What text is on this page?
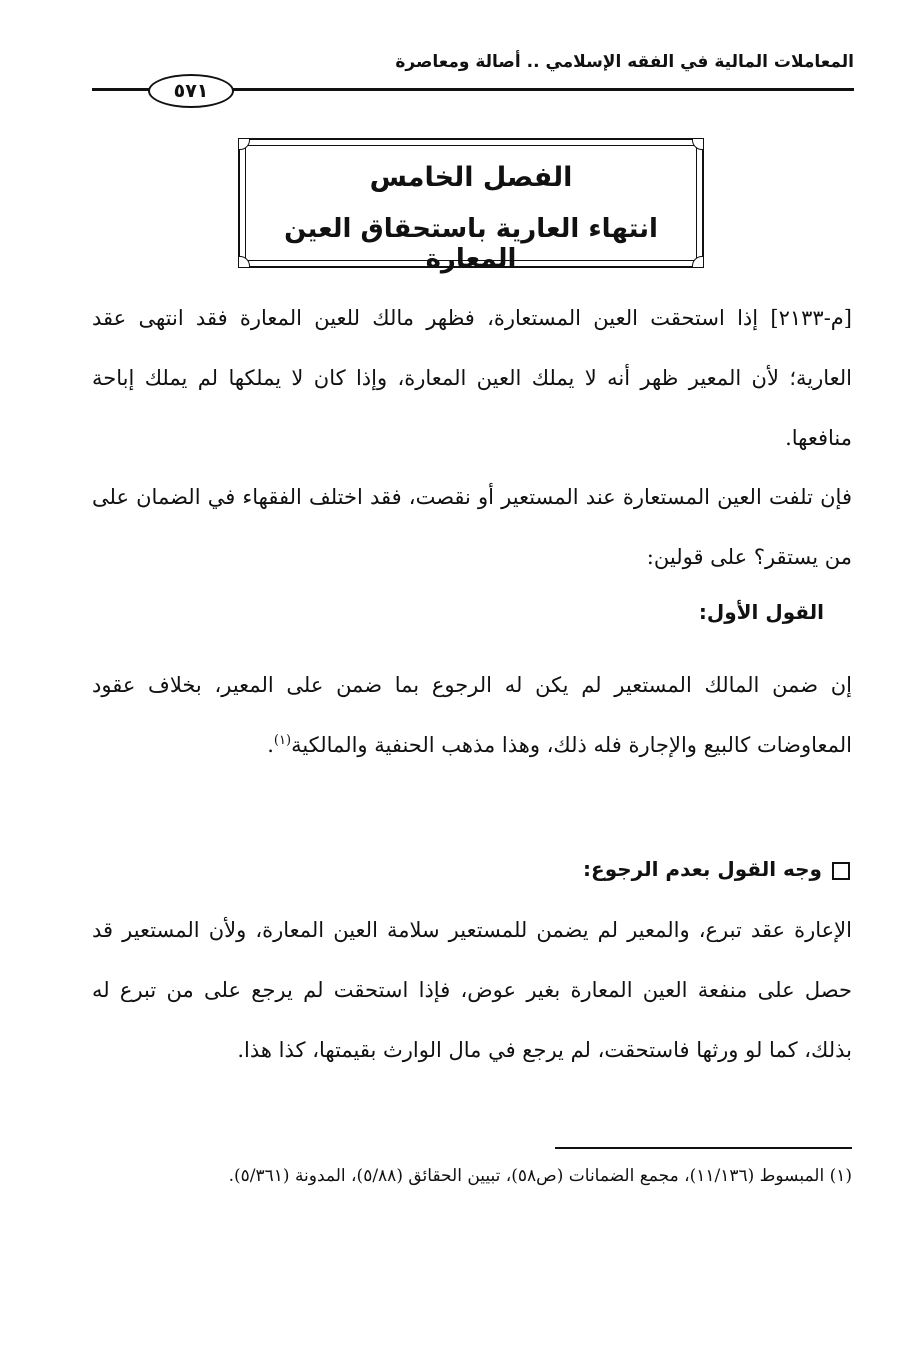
المعاملات المالية في الفقه الإسلامي .. أصالة ومعاصرة
٥٧١
الفصل الخامس
انتهاء العارية باستحقاق العين المعارة
[م-٢١٣٣] إذا استحقت العين المستعارة، فظهر مالك للعين المعارة فقد انتهى عقد العارية؛ لأن المعير ظهر أنه لا يملك العين المعارة، وإذا كان لا يملكها لم يملك إباحة منافعها.
فإن تلفت العين المستعارة عند المستعير أو نقصت، فقد اختلف الفقهاء في الضمان على من يستقر؟ على قولين:
القول الأول:
إن ضمن المالك المستعير لم يكن له الرجوع بما ضمن على المعير، بخلاف عقود المعاوضات كالبيع والإجارة فله ذلك، وهذا مذهب الحنفية والمالكية$^{(١)}$.
وجه القول بعدم الرجوع:
الإعارة عقد تبرع، والمعير لم يضمن للمستعير سلامة العين المعارة، ولأن المستعير قد حصل على منفعة العين المعارة بغير عوض، فإذا استحقت لم يرجع على من تبرع له بذلك، كما لو ورثها فاستحقت، لم يرجع في مال الوارث بقيمتها، كذا هذا.
(١) المبسوط (١١/١٣٦)، مجمع الضمانات (ص٥٨)، تبيين الحقائق (٥/٨٨)، المدونة (٥/٣٦١).
